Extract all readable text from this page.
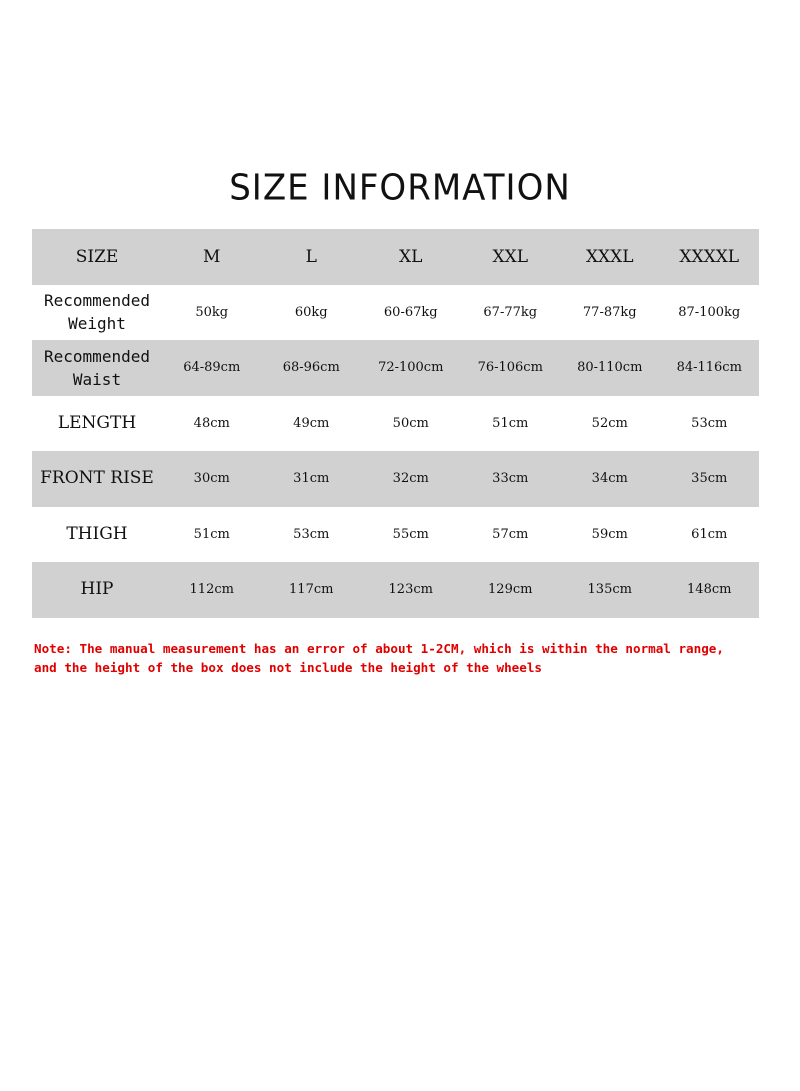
SIZE INFORMATION
SIZE	M	L	XL	XXL	XXXL	XXXXL
Recommended
Weight	50kg	60kg	60-67kg	67-77kg	77-87kg	87-100kg
Recommended
Waist	64-89cm	68-96cm	72-100cm	76-106cm	80-110cm	84-116cm
LENGTH	48cm	49cm	50cm	51cm	52cm	53cm
FRONT RISE	30cm	31cm	32cm	33cm	34cm	35cm
THIGH	51cm	53cm	55cm	57cm	59cm	61cm
HIP	112cm	117cm	123cm	129cm	135cm	148cm
Note: The manual measurement has an error of about 1-2CM, which is within the normal range,
and the height of the box does not include the height of the wheels
